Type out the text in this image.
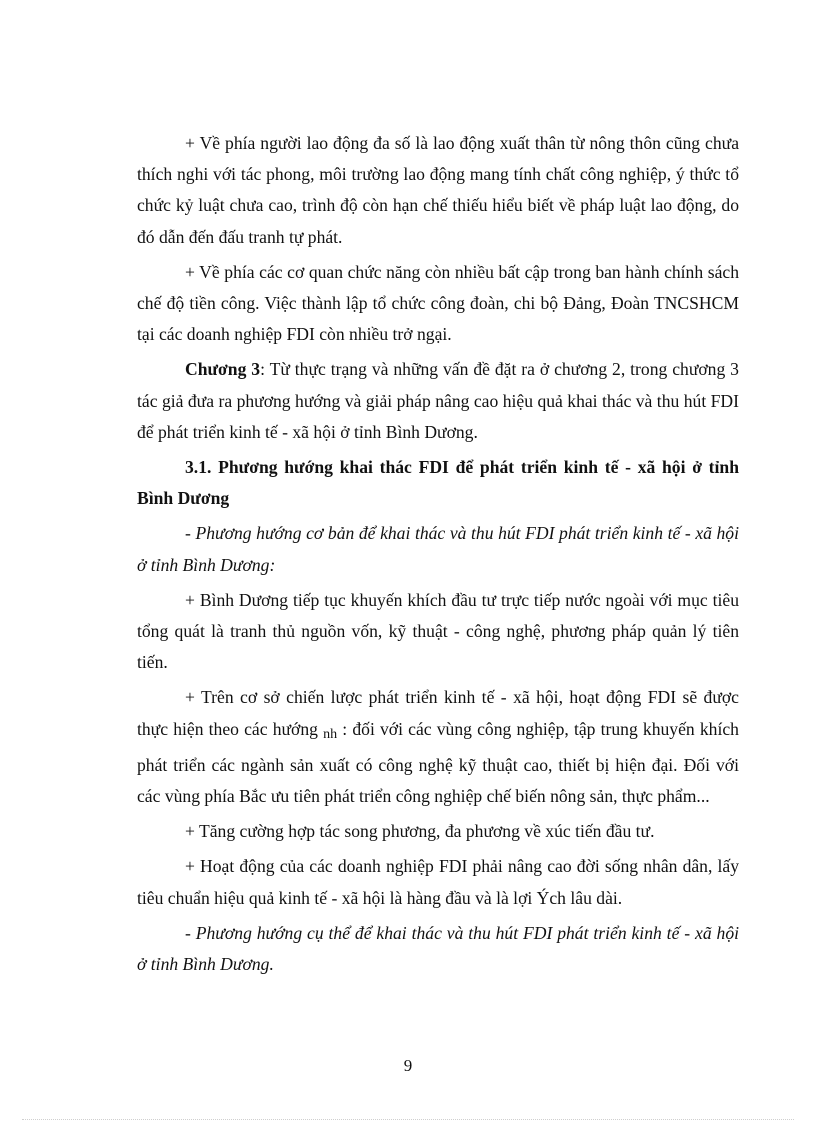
+ Về phía người lao động đa số là lao động xuất thân từ nông thôn cũng chưa thích nghi với tác phong, môi trường lao động mang tính chất công nghiệp, ý thức tổ chức kỷ luật chưa cao, trình độ còn hạn chế thiếu hiểu biết về pháp luật lao động, do đó dẫn đến đấu tranh tự phát.

+ Về phía các cơ quan chức năng còn nhiều bất cập trong ban hành chính sách chế độ tiền công. Việc thành lập tổ chức công đoàn, chi bộ Đảng, Đoàn TNCSHCM tại các doanh nghiệp FDI còn nhiều trở ngại.

Chương 3: Từ thực trạng và những vấn đề đặt ra ở chương 2, trong chương 3 tác giả đưa ra phương hướng và giải pháp nâng cao hiệu quả khai thác và thu hút FDI để phát triển kinh tế - xã hội ở tỉnh Bình Dương.

3.1. Phương hướng khai thác FDI để phát triển kinh tế - xã hội ở tỉnh Bình Dương

- Phương hướng cơ bản để khai thác và thu hút FDI phát triển kinh tế - xã hội ở tỉnh Bình Dương:

+ Bình Dương tiếp tục khuyến khích đầu tư trực tiếp nước ngoài với mục tiêu tổng quát là tranh thủ nguồn vốn, kỹ thuật - công nghệ, phương pháp quản lý tiên tiến.

+ Trên cơ sở chiến lược phát triển kinh tế - xã hội, hoạt động FDI sẽ được thực hiện theo các hướng $_{nh}$ : đối với các vùng công nghiệp, tập trung khuyến khích phát triển các ngành sản xuất có công nghệ kỹ thuật cao, thiết bị hiện đại. Đối với các vùng phía Bắc ưu tiên phát triển công nghiệp chế biến nông sản, thực phẩm...

+ Tăng cường hợp tác song phương, đa phương về xúc tiến đầu tư.

+ Hoạt động của các doanh nghiệp FDI phải nâng cao đời sống nhân dân, lấy tiêu chuẩn hiệu quả kinh tế - xã hội là hàng đầu và là lợi Ých lâu dài.

- Phương hướng cụ thể để khai thác và thu hút FDI phát triển kinh tế - xã hội ở tỉnh Bình Dương.

9
